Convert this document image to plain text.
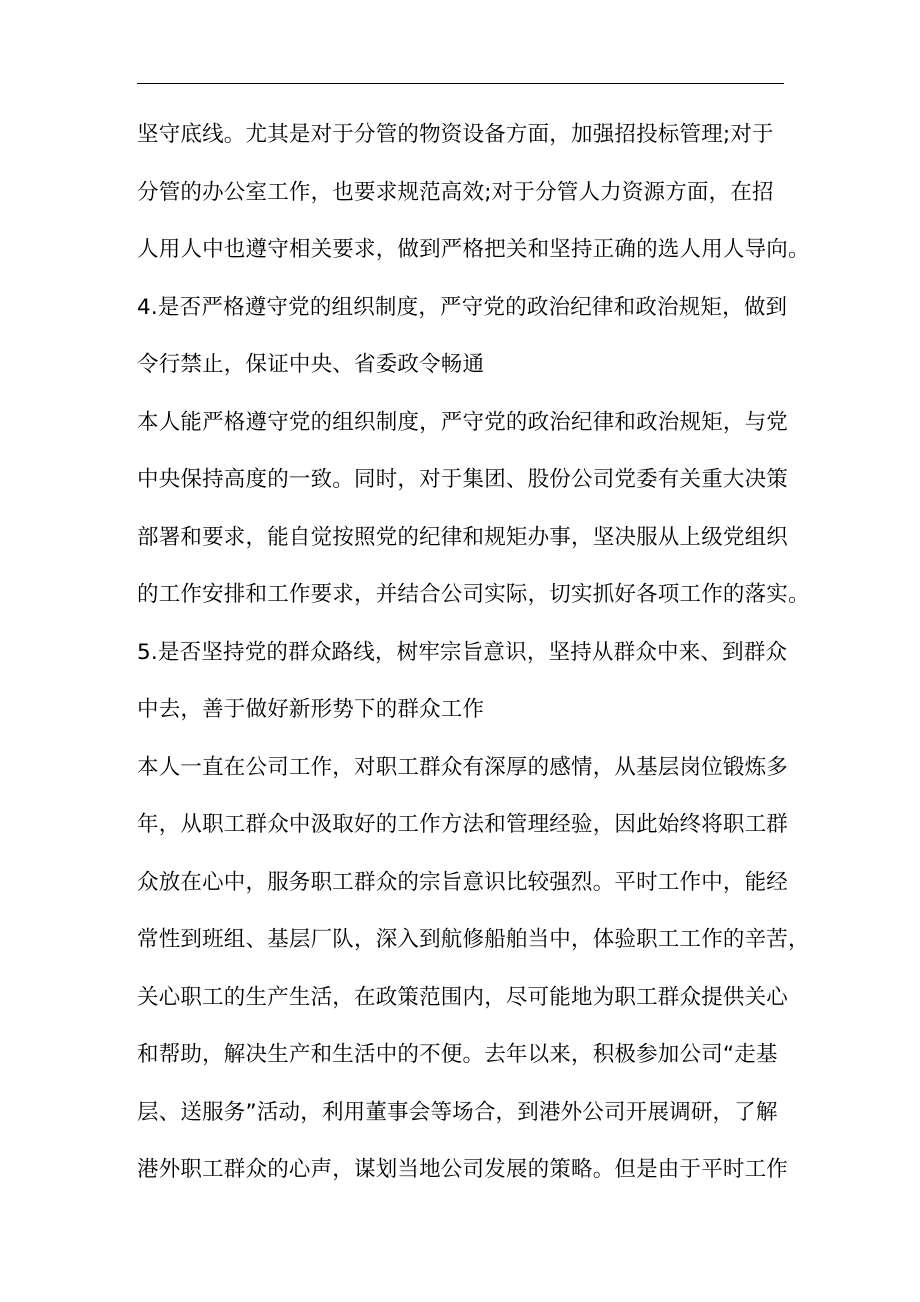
坚守底线。尤其是对于分管的物资设备方面，加强招投标管理;对于
分管的办公室工作，也要求规范高效;对于分管人力资源方面，在招
人用人中也遵守相关要求，做到严格把关和坚持正确的选人用人导向。
4.是否严格遵守党的组织制度，严守党的政治纪律和政治规矩，做到
令行禁止，保证中央、省委政令畅通
本人能严格遵守党的组织制度，严守党的政治纪律和政治规矩，与党
中央保持高度的一致。同时，对于集团、股份公司党委有关重大决策
部署和要求，能自觉按照党的纪律和规矩办事，坚决服从上级党组织
的工作安排和工作要求，并结合公司实际，切实抓好各项工作的落实。
5.是否坚持党的群众路线，树牢宗旨意识，坚持从群众中来、到群众
中去，善于做好新形势下的群众工作
本人一直在公司工作，对职工群众有深厚的感情，从基层岗位锻炼多
年，从职工群众中汲取好的工作方法和管理经验，因此始终将职工群
众放在心中，服务职工群众的宗旨意识比较强烈。平时工作中，能经
常性到班组、基层厂队，深入到航修船舶当中，体验职工工作的辛苦，
关心职工的生产生活，在政策范围内，尽可能地为职工群众提供关心
和帮助，解决生产和生活中的不便。去年以来，积极参加公司“走基
层、送服务”活动，利用董事会等场合，到港外公司开展调研，了解
港外职工群众的心声，谋划当地公司发展的策略。但是由于平时工作
